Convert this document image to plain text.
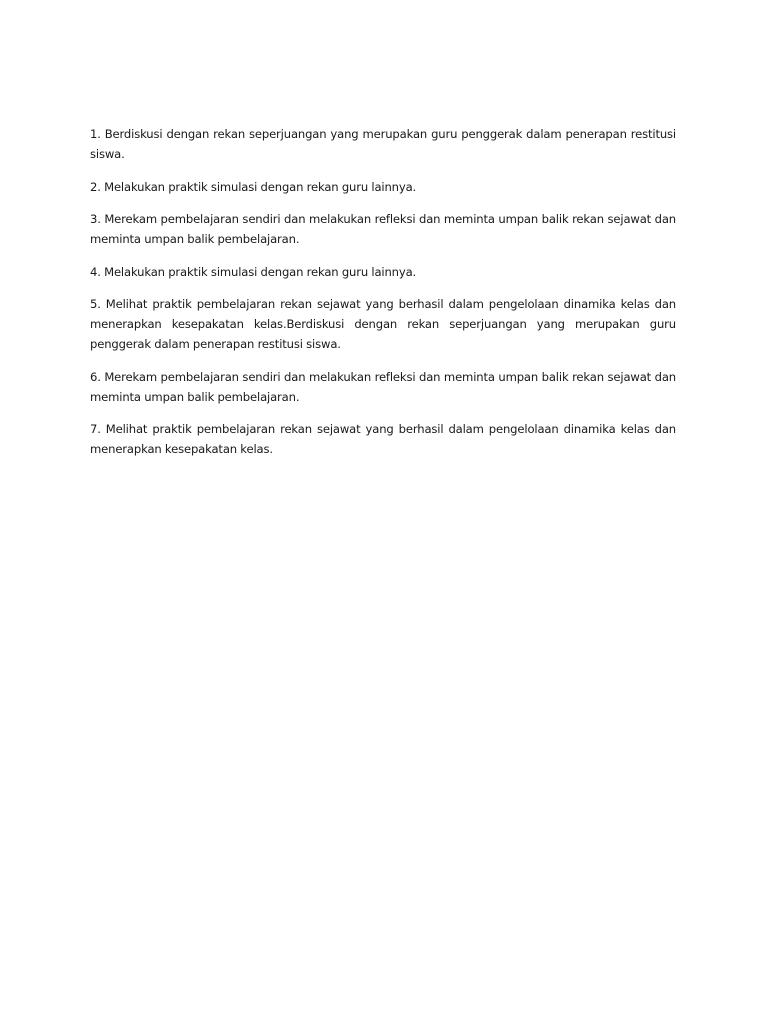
1. Berdiskusi dengan rekan seperjuangan yang merupakan guru penggerak dalam penerapan restitusi siswa.

2. Melakukan praktik simulasi dengan rekan guru lainnya.

3. Merekam pembelajaran sendiri dan melakukan refleksi dan meminta umpan balik rekan sejawat dan meminta umpan balik pembelajaran.

4. Melakukan praktik simulasi dengan rekan guru lainnya.

5. Melihat praktik pembelajaran rekan sejawat yang berhasil dalam pengelolaan dinamika kelas dan menerapkan kesepakatan kelas.Berdiskusi dengan rekan seperjuangan yang merupakan guru penggerak dalam penerapan restitusi siswa.

6. Merekam pembelajaran sendiri dan melakukan refleksi dan meminta umpan balik rekan sejawat dan meminta umpan balik pembelajaran.

7. Melihat praktik pembelajaran rekan sejawat yang berhasil dalam pengelolaan dinamika kelas dan menerapkan kesepakatan kelas.
